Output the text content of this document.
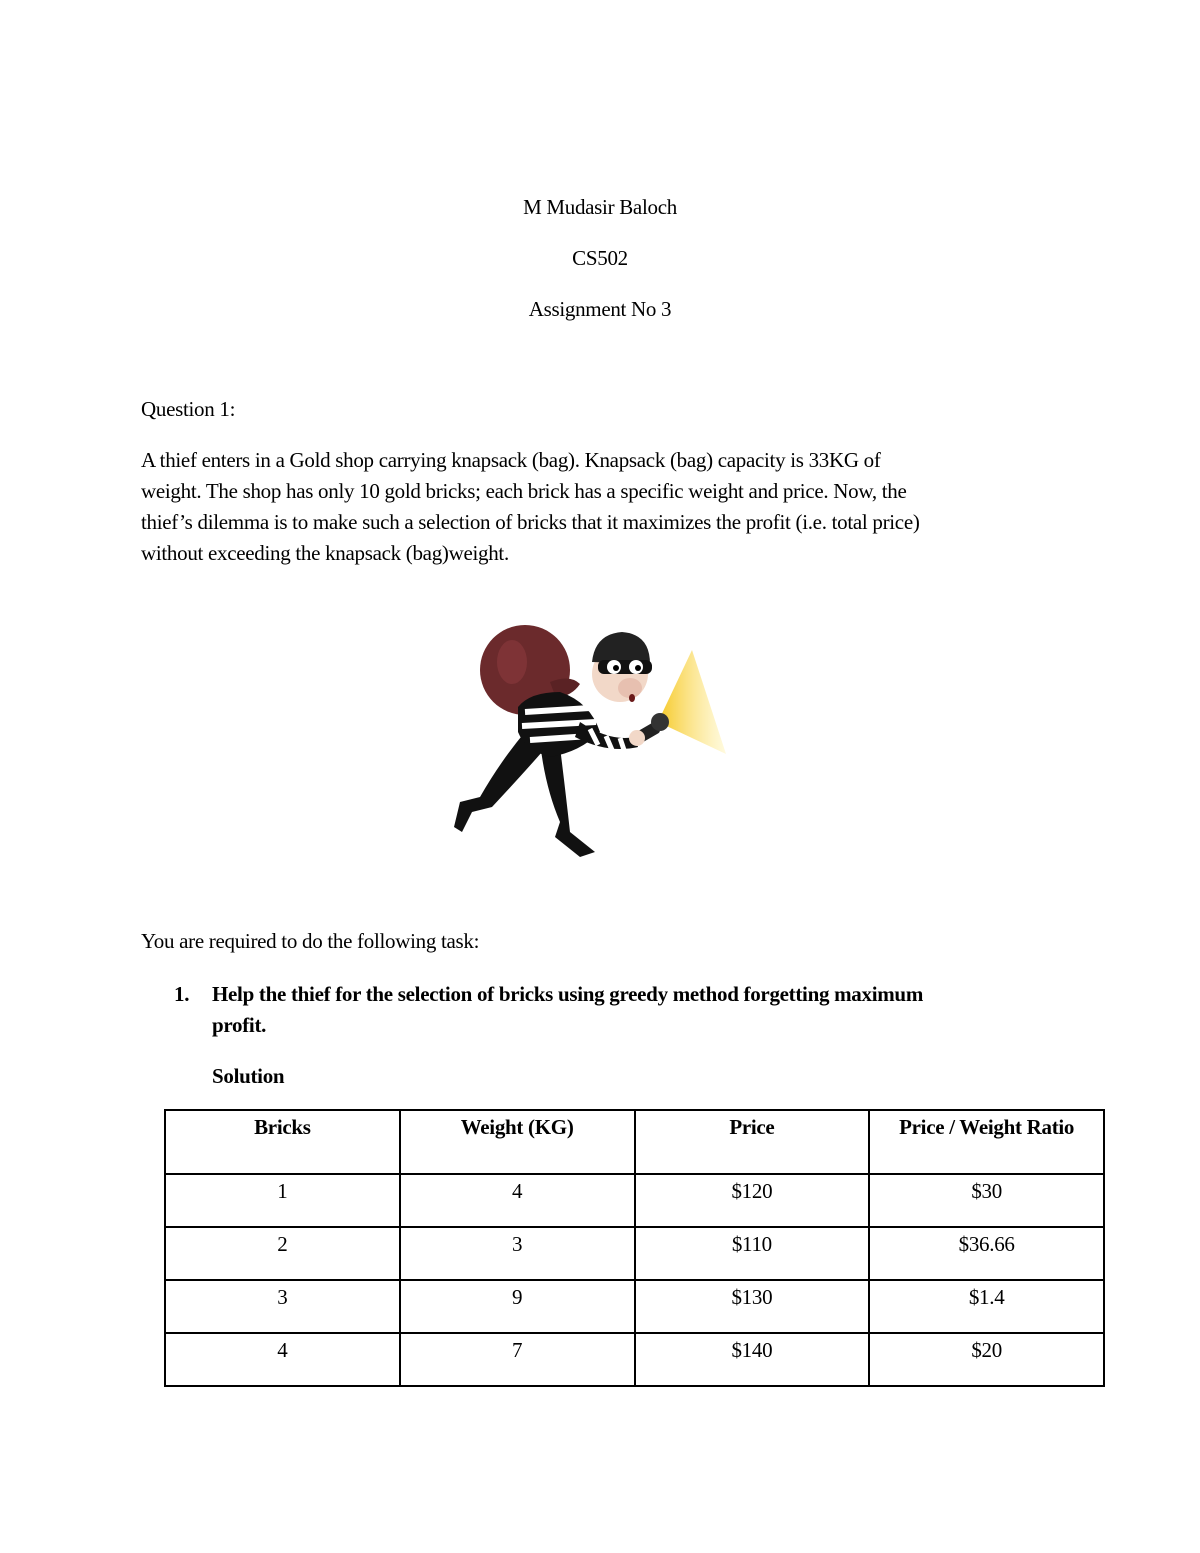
M Mudasir Baloch
CS502
Assignment No 3
Question 1:
A thief enters in a Gold shop carrying knapsack (bag). Knapsack (bag) capacity is 33KG of
weight. The shop has only 10 gold bricks; each brick has a specific weight and price. Now, the
thief’s dilemma is to make such a selection of bricks that it maximizes the profit (i.e. total price)
without exceeding the knapsack (bag)weight.
You are required to do the following task:
1. Help the thief for the selection of bricks using greedy method forgetting maximum
profit.
Solution
Bricks	Weight (KG)	Price	Price / Weight Ratio
1	4	$120	$30
2	3	$110	$36.66
3	9	$130	$1.4
4	7	$140	$20
